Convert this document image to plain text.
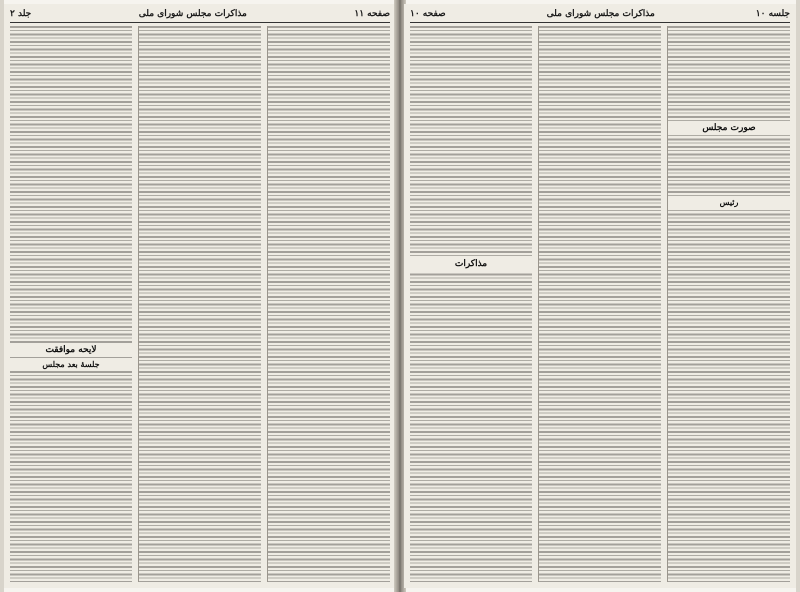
جلد ۲	مذاکرات مجلس شورای ملی	صفحه ۱۱
لایحه موافقت
جلسهٔ بعد مجلس
صفحه ۱۰	مذاکرات مجلس شورای ملی	جلسه ۱۰
صورت مجلس
رئیس
مذاکرات
